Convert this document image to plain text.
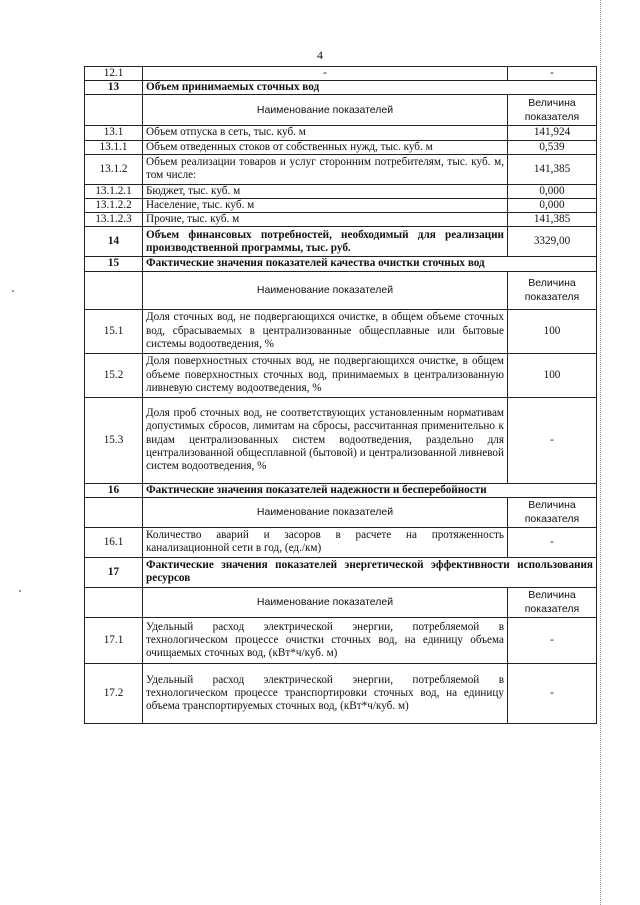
4
12.1	-	-
13	Объем принимаемых сточных вод	
	Наименование показателей	Величина
показателя
13.1	Объем отпуска в сеть, тыс. куб. м	141,924
13.1.1	Объем отведенных стоков от собственных нужд, тыс. куб. м	0,539
13.1.2	Объем реализации товаров и услуг сторонним потребителям, тыс. куб. м, том числе:	141,385
13.1.2.1	Бюджет, тыс. куб. м	0,000
13.1.2.2	Население, тыс. куб. м	0,000
13.1.2.3	Прочие, тыс. куб. м	141,385
14	Объем финансовых потребностей, необходимый для реализации производственной программы, тыс. руб.	3329,00
15	Фактические значения показателей качества очистки сточных вод	
	Наименование показателей	Величина
показателя
15.1	Доля сточных вод, не подвергающихся очистке, в общем объеме сточных вод, сбрасываемых в централизованные общесплавные или бытовые системы водоотведения, %	100
15.2	Доля поверхностных сточных вод, не подвергающихся очистке, в общем объеме поверхностных сточных вод, принимаемых в централизованную ливневую систему водоотведения, %	100
15.3	Доля проб сточных вод, не соответствующих установленным нормативам допустимых сбросов, лимитам на сбросы, рассчитанная применительно к видам централизованных систем водоотведения, раздельно для централизованной общесплавной (бытовой) и централизованной ливневой систем водоотведения, %	-
16	Фактические значения показателей надежности и бесперебойности	
	Наименование показателей	Величина
показателя
16.1	Количество аварий и засоров в расчете на протяженность канализационной сети в год, (ед./км)	-
17	Фактические значения показателей энергетической эффективности использования ресурсов	
	Наименование показателей	Величина
показателя
17.1	Удельный расход электрической энергии, потребляемой в технологическом процессе очистки сточных вод, на единицу объема очищаемых сточных вод, (кВт*ч/куб. м)	-
17.2	Удельный расход электрической энергии, потребляемой в технологическом процессе транспортировки сточных вод, на единицу объема транспортируемых сточных вод, (кВт*ч/куб. м)	-
